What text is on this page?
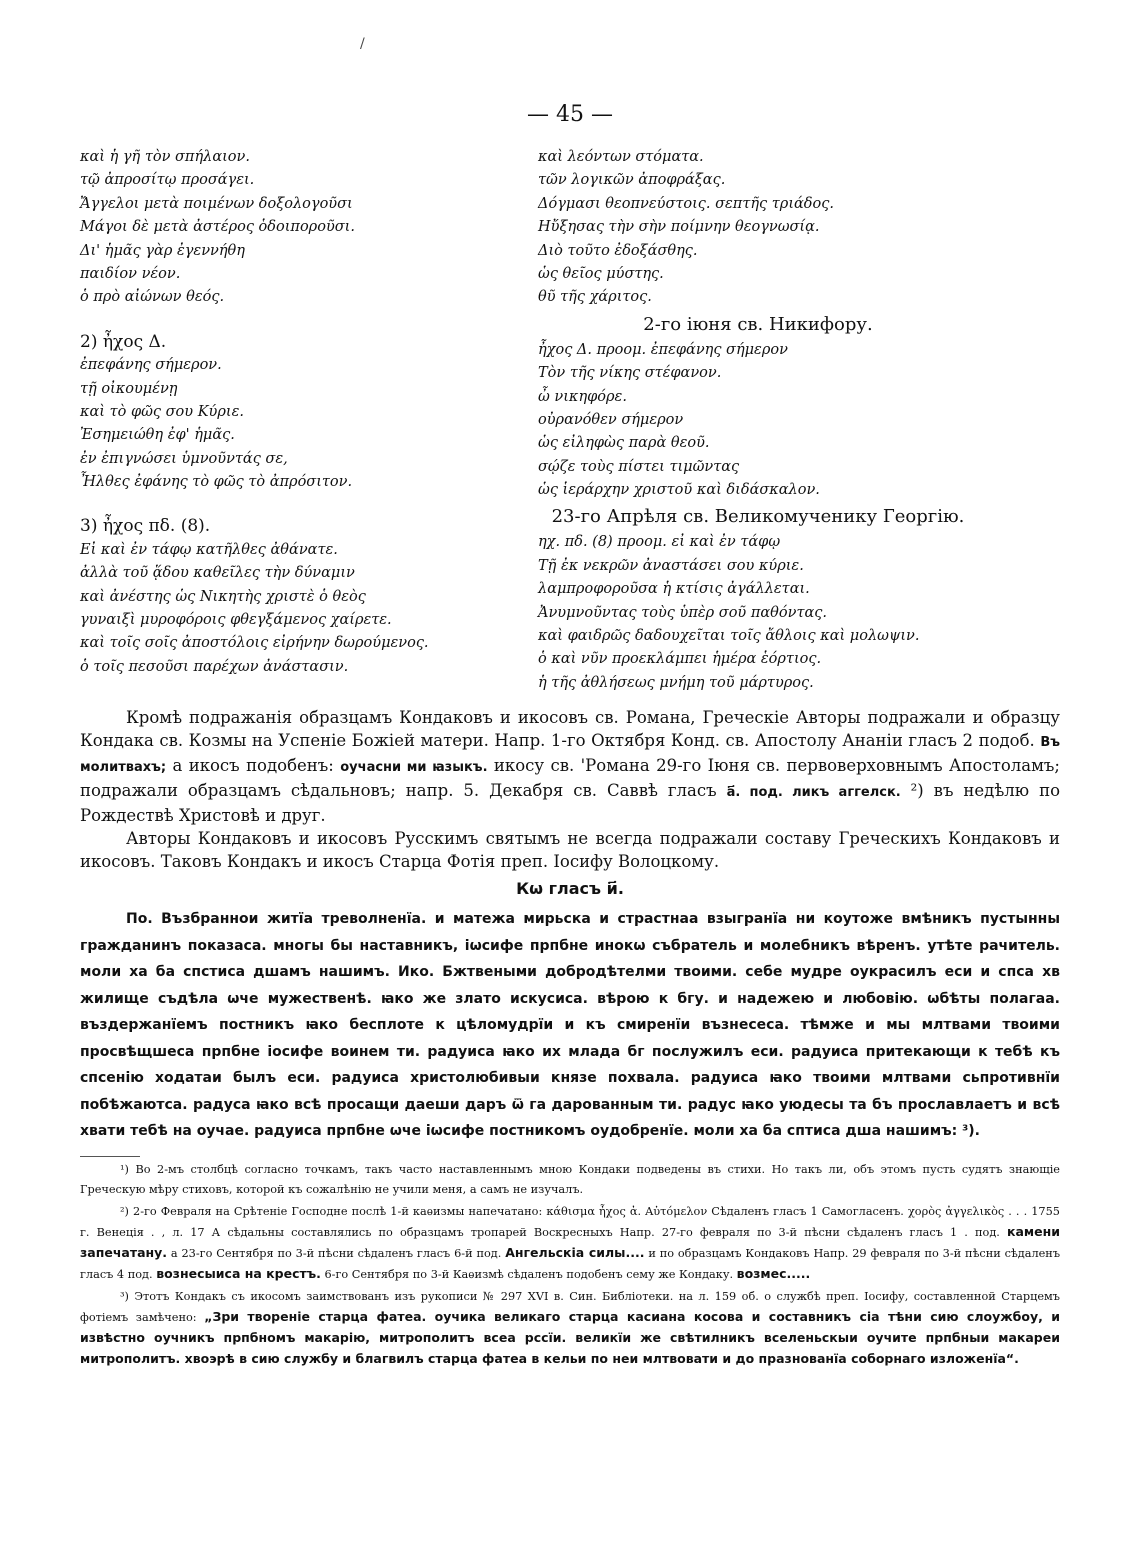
/
— 45 —
καὶ ἡ γῆ τὸν σπήλαιον.
τῷ ἀπροσίτῳ προσάγει.
Ἄγγελοι μετὰ ποιμένων δοξολογοῦσι
Μάγοι δὲ μετὰ ἀστέρος ὁδοιποροῦσι.
Δι' ἡμᾶς γὰρ ἐγεννήθη
παιδίον νέον.
ὁ πρὸ αἰώνων θεός.
2) ἦχος Δ.
ἐπεφάνης σήμερον.
τῇ οἰκουμένῃ
καὶ τὸ φῶς σου Κύριε.
Ἐσημειώθη ἐφ' ἡμᾶς.
ἐν ἐπιγνώσει ὑμνοῦντάς σε,
Ἦλθες ἐφάνης τὸ φῶς τὸ ἀπρόσιτον.
3) ἦχος πδ. (8).
Εἰ καὶ ἐν τάφῳ κατῆλθες ἀθάνατε.
ἀλλὰ τοῦ ᾅδου καθεῖλες τὴν δύναμιν
καὶ ἀνέστης ὡς Νικητὴς χριστὲ ὁ θεὸς
γυναιξὶ μυροφόροις φθεγξάμενος χαίρετε.
καὶ τοῖς σοῖς ἀποστόλοις εἰρήνην δωρούμενος.
ὁ τοῖς πεσοῦσι παρέχων ἀνάστασιν.
καὶ λεόντων στόματα.
τῶν λογικῶν ἀποφράξας.
Δόγμασι θεοπνεύστοις. σεπτῆς τριάδος.
Ηὔξησας τὴν σὴν ποίμνην θεογνωσίᾳ.
Διὸ τοῦτο ἐδοξάσθης.
ὡς θεῖος μύστης.
θῦ τῆς χάριτος.
2-го іюня св. Никифору.
ἦχος Δ. προομ. ἐπεφάνης σήμερον
Τὸν τῆς νίκης στέφανον.
ὦ νικηφόρε.
οὐρανόθεν σήμερον
ὡς εἰληφὼς παρὰ θεοῦ.
σῴζε τοὺς πίστει τιμῶντας
ὡς ἱεράρχην χριστοῦ καὶ διδάσκαλον.
23-го Апрѣля св. Великомученику Георгію.
ηχ. πδ. (8) προομ. εἰ καὶ ἐν τάφῳ
Τῇ ἐκ νεκρῶν ἀναστάσει σου κύριε.
λαμπροφοροῦσα ἡ κτίσις ἀγάλλεται.
Ἀνυμνοῦντας τοὺς ὑπὲρ σοῦ παθόντας.
καὶ φαιδρῶς δαδουχεῖται τοῖς ἄθλοις καὶ μολωψιν.
ὁ καὶ νῦν προεκλάμπει ἡμέρα ἑόρτιος.
ἡ τῆς ἀθλήσεως μνήμη τοῦ μάρτυρος.

Кромѣ подражанія образцамъ Кондаковъ и икосовъ св. Романа, Греческіе Авторы подражали и образцу Кондака св. Козмы на Успеніе Божіей матери. Напр. 1-го Октября Конд. св. Апостолу Ананіи гласъ 2 подоб. Въ молитвахъ; а икосъ подобенъ: оучасни ми ꙗзыкъ. икосу св. 'Романа 29-го Іюня св. первоверховнымъ Апостоламъ; подражали образцамъ сѣдальновъ; напр. 5. Декабря св. Саввѣ гласъ а҃. под. ликъ аггелск. ²) въ недѣлю по Рождествѣ Христовѣ и друг.

Авторы Кондаковъ и икосовъ Русскимъ святымъ не всегда подражали составу Греческихъ Кондаковъ и икосовъ. Таковъ Кондакъ и икосъ Старца Фотія преп. Іосифу Волоцкому.

Кѡ гласъ и҃.

По. Възбраннои житїа треволненїа. и матежа мирьска и страстнаа взыгранїа ни коутоже вмѣникъ пустынны гражданинъ показаса. многы бы наставникъ, іѡсифе прпбне инокѡ събратель и молебникъ вѣренъ. утѣте рачитель. моли ха ба спстиса дшамъ нашимъ. Ико. Бжтвеными добродѣтелми твоими. себе мудре оукрасилъ еси и спса хв жилище съдѣла ѡче мужественѣ. ꙗко же злато искусиса. вѣрою к бгу. и надежею и любовію. ѡбѣты полагаа. въздержанїемъ постникъ ꙗко бесплоте к цѣломудрїи и къ смиренїи възнесеса. тѣмже и мы млтвами твоими просвѣщшеса прпбне іосифе воинем ти. радуиса ꙗко их млада бг послужилъ еси. радуиса притекающи к тебѣ къ спсенію ходатаи былъ еси. радуиса христолюбивыи князе похвала. радуиса ꙗко твоими млтвами сьпротивнїи побѣжаютса. радуса ꙗко всѣ просащи даеши даръ ѿ га дарованным ти. радус ꙗко уюдесы та бъ прославлаетъ и всѣ хвати тебѣ на оучае. радуиса прпбне ѡче іѡсифе постникомъ оудобренїе. моли ха ба сптиса дша нашимъ: ³).

¹) Во 2-мъ столбцѣ согласно точкамъ, такъ часто наставленнымъ мною Кондаки подведены въ стихи. Но такъ ли, объ этомъ пусть судятъ знающіе Греческую мѣру стиховъ, которой къ сожалѣнію не учили меня, а самъ не изучалъ.

²) 2-го Февраля на Срѣтеніе Господне послѣ 1-й каѳизмы напечатано: κάθισμα ἦχος ἀ. Αὐτόμελον Сѣдаленъ гласъ 1 Самогласенъ. χορὸς ἀγγελικὸς . . . 1755 г. Венеція . , л. 17 А сѣдальны составлялись по образцамъ тропарей Воскресныхъ Напр. 27-го февраля по 3-й пѣсни сѣдаленъ гласъ 1 . под. камени запечатану. а 23-го Сентября по 3-й пѣсни сѣдаленъ гласъ 6-й под. Ангельскіа силы.... и по образцамъ Кондаковъ Напр. 29 февраля по 3-й пѣсни сѣдаленъ гласъ 4 под. вознесыиса на крестъ. 6-го Сентября по 3-й Каѳизмѣ сѣдаленъ подобенъ сему же Кондаку. возмес.....

³) Этотъ Кондакъ съ икосомъ заимствованъ изъ рукописи № 297 XVI в. Син. Библіотеки. на л. 159 об. о службѣ преп. Іосифу, составленной Старцемъ фотіемъ замѣчено: „Зри твореніе старца фатеа. оучика великаго старца касиана косова и составникъ сіа тѣни сию слоужбоу, и извѣстно оучникъ прпбномъ макарію, митрополитъ всеа рссїи. великїи же свѣтилникъ вселеньскыи оучите прпбныи макареи митрополитъ. хвоэрѣ в сию службу и благвилъ старца фатеа в кельи по неи млтвовати и до празнованїа соборнаго изложенїа“.
